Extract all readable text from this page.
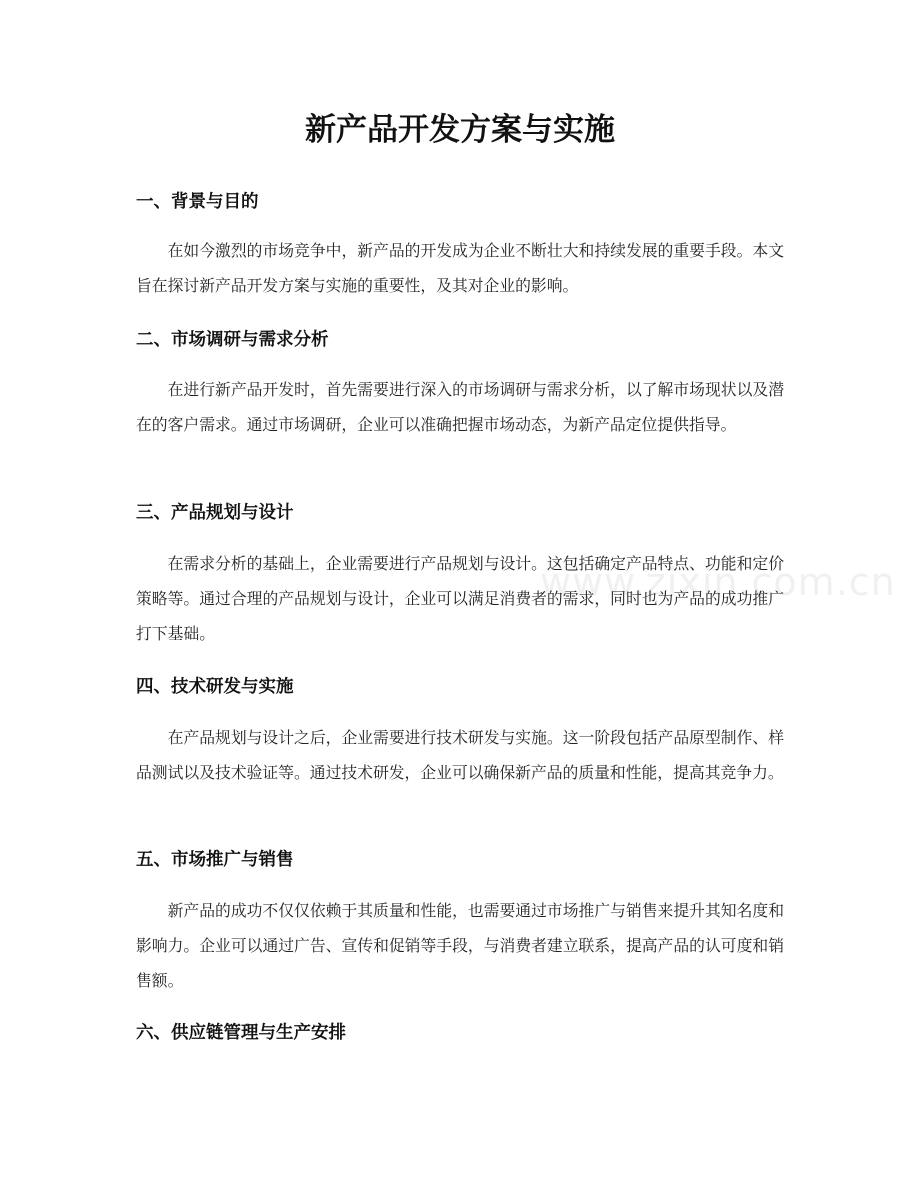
新产品开发方案与实施
一、背景与目的

在如今激烈的市场竞争中，新产品的开发成为企业不断壮大和持续发展的重要手段。本文旨在探讨新产品开发方案与实施的重要性，及其对企业的影响。

二、市场调研与需求分析

在进行新产品开发时，首先需要进行深入的市场调研与需求分析，以了解市场现状以及潜在的客户需求。通过市场调研，企业可以准确把握市场动态，为新产品定位提供指导。

三、产品规划与设计

在需求分析的基础上，企业需要进行产品规划与设计。这包括确定产品特点、功能和定价策略等。通过合理的产品规划与设计，企业可以满足消费者的需求，同时也为产品的成功推广打下基础。

四、技术研发与实施

在产品规划与设计之后，企业需要进行技术研发与实施。这一阶段包括产品原型制作、样品测试以及技术验证等。通过技术研发，企业可以确保新产品的质量和性能，提高其竞争力。

五、市场推广与销售

新产品的成功不仅仅依赖于其质量和性能，也需要通过市场推广与销售来提升其知名度和影响力。企业可以通过广告、宣传和促销等手段，与消费者建立联系，提高产品的认可度和销售额。

六、供应链管理与生产安排
www.zixin.com.cn
